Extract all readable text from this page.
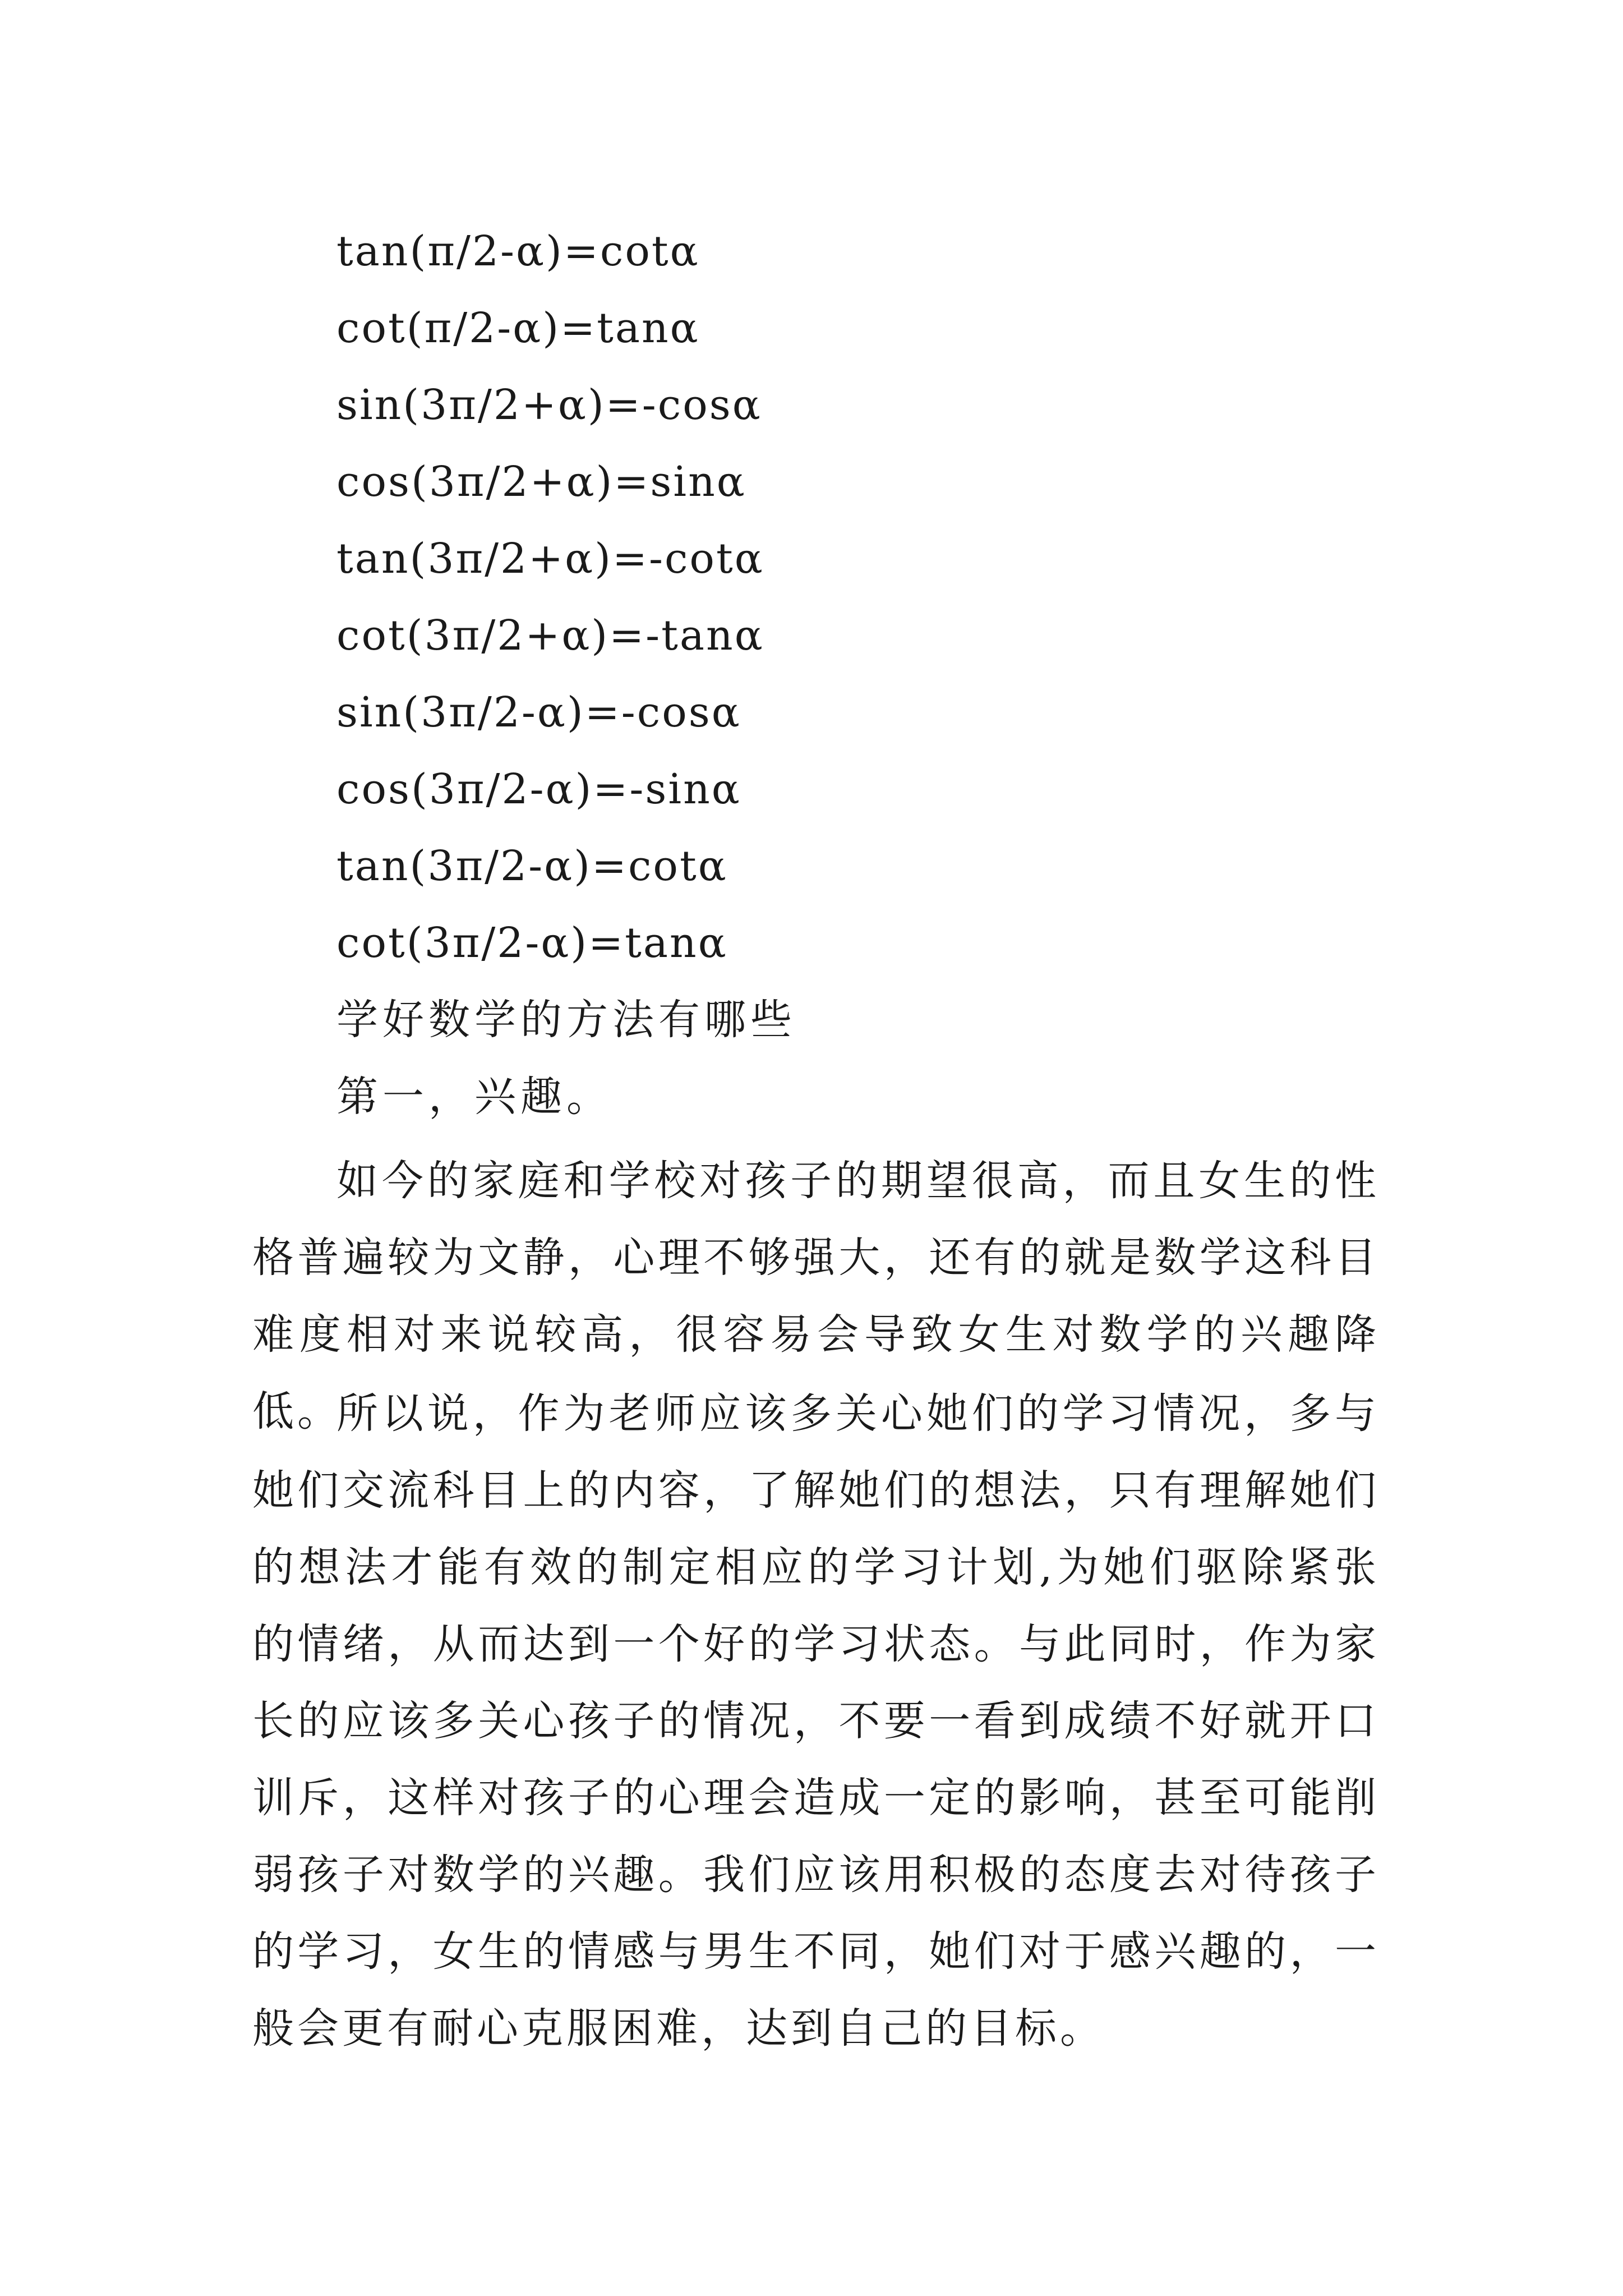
tan(π/2-α)=cotα
cot(π/2-α)=tanα
sin(3π/2+α)=-cosα
cos(3π/2+α)=sinα
tan(3π/2+α)=-cotα
cot(3π/2+α)=-tanα
sin(3π/2-α)=-cosα
cos(3π/2-α)=-sinα
tan(3π/2-α)=cotα
cot(3π/2-α)=tanα
学好数学的方法有哪些
第一，兴趣。

如今的家庭和学校对孩子的期望很高，而且女生的性格普遍较为文静，心理不够强大，还有的就是数学这科目难度相对来说较高，很容易会导致女生对数学的兴趣降低。

所以说，作为老师应该多关心她们的学习情况，多与她们交流科目上的内容，了解她们的想法，只有理解她们的想法才能有效的制定相应的学习计划,为她们驱除紧张的情绪，从而达到一个好的学习状态。与此同时，作为家长的应该多关心孩子的情况，不要一看到成绩不好就开口训斥，这样对孩子的心理会造成一定的影响，甚至可能削弱孩子对数学的兴趣。我们应该用积极的态度去对待孩子的学习，女生的情感与男生不同，她们对于感兴趣的，一般会更有耐心克服困难，达到自己的目标。
